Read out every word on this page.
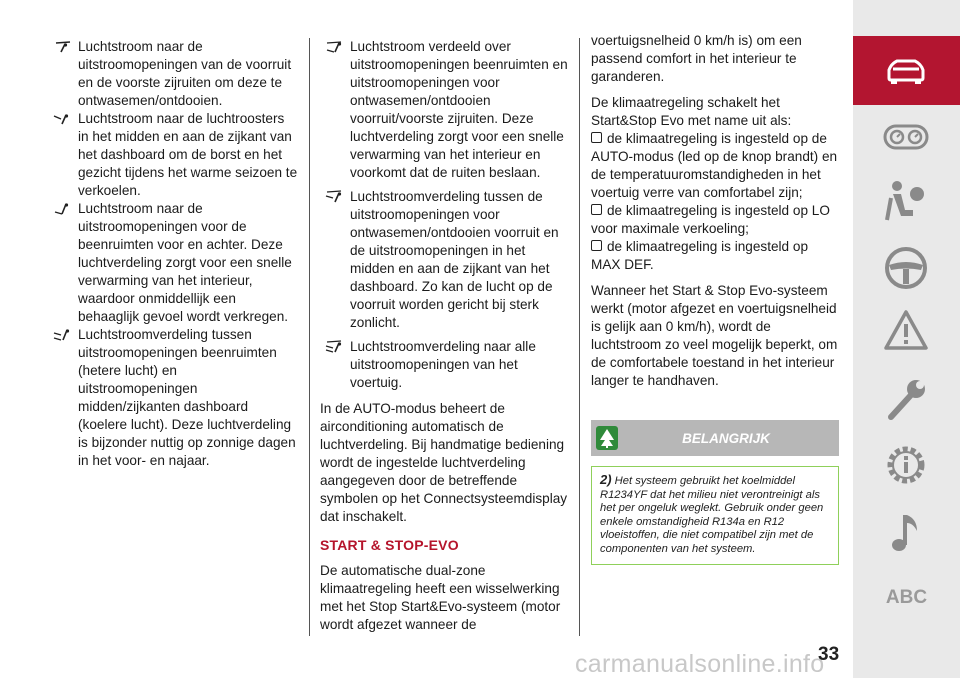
Luchtstroom naar de uitstroomopeningen van de voorruit en de voorste zijruiten om deze te ontwasemen/ontdooien.
Luchtstroom naar de luchtroosters in het midden en aan de zijkant van het dashboard om de borst en het gezicht tijdens het warme seizoen te verkoelen.
Luchtstroom naar de uitstroomopeningen voor de beenruimten voor en achter. Deze luchtverdeling zorgt voor een snelle verwarming van het interieur, waardoor onmiddellijk een behaaglijk gevoel wordt verkregen.
Luchtstroomverdeling tussen uitstroomopeningen beenruimten (hetere lucht) en uitstroomopeningen midden/zijkanten dashboard (koelere lucht). Deze luchtverdeling is bijzonder nuttig op zonnige dagen in het voor- en najaar.
Luchtstroom verdeeld over uitstroomopeningen beenruimten en uitstroomopeningen voor ontwasemen/ontdooien voorruit/voorste zijruiten. Deze luchtverdeling zorgt voor een snelle verwarming van het interieur en voorkomt dat de ruiten beslaan.

Luchtstroomverdeling tussen de uitstroomopeningen voor ontwasemen/ontdooien voorruit en de uitstroomopeningen in het midden en aan de zijkant van het dashboard. Zo kan de lucht op de voorruit worden gericht bij sterk zonlicht.

Luchtstroomverdeling naar alle uitstroomopeningen van het voertuig.

In de AUTO-modus beheert de airconditioning automatisch de luchtverdeling. Bij handmatige bediening wordt de ingestelde luchtverdeling aangegeven door de betreffende symbolen op het Connectsysteemdisplay dat inschakelt.

START & STOP-EVO

De automatische dual-zone klimaatregeling heeft een wisselwerking met het Stop Start&Evo-systeem (motor wordt afgezet wanneer de

voertuigsnelheid 0 km/h is) om een passend comfort in het interieur te garanderen.

De klimaatregeling schakelt het Start&Stop Evo met name uit als:

de klimaatregeling is ingesteld op de AUTO-modus (led op de knop brandt) en de temperatuuromstandigheden in het voertuig verre van comfortabel zijn;
de klimaatregeling is ingesteld op LO voor maximale verkoeling;
de klimaatregeling is ingesteld op MAX DEF.

Wanneer het Start & Stop Evo-systeem werkt (motor afgezet en voertuigsnelheid is gelijk aan 0 km/h), wordt de luchtstroom zo veel mogelijk beperkt, om de comfortabele toestand in het interieur langer te handhaven.

BELANGRIJK
2) Het systeem gebruikt het koelmiddel R1234YF dat het milieu niet verontreinigt als het per ongeluk weglekt. Gebruik onder geen enkele omstandigheid R134a en R12 vloeistoffen, die niet compatibel zijn met de componenten van het systeem.
ABC
carmanualsonline.info
33
